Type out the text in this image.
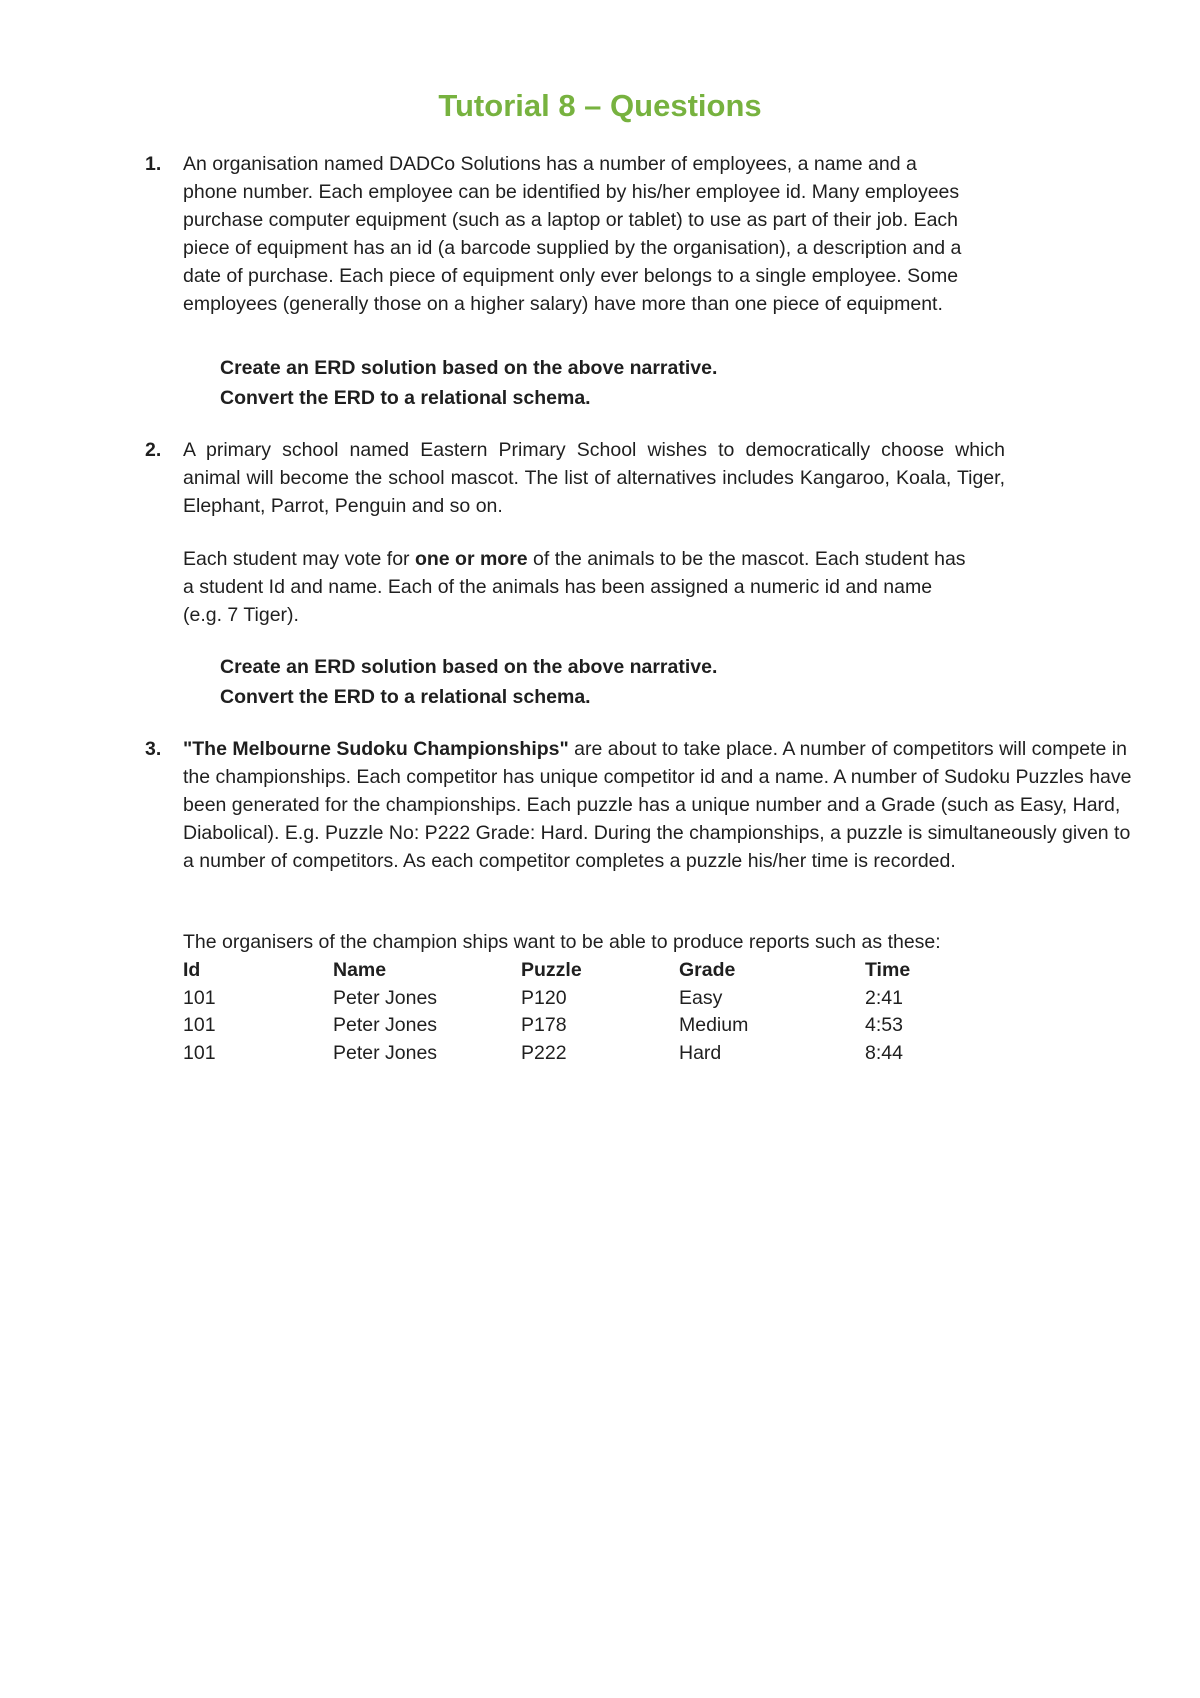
Tutorial 8 – Questions
1. An organisation named DADCo Solutions has a number of employees, a name and a phone number. Each employee can be identified by his/her employee id. Many employees purchase computer equipment (such as a laptop or tablet) to use as part of their job. Each piece of equipment has an id (a barcode supplied by the organisation), a description and a date of purchase. Each piece of equipment only ever belongs to a single employee. Some employees (generally those on a higher salary) have more than one piece of equipment.

Create an ERD solution based on the above narrative.
Convert the ERD to a relational schema.
2. A primary school named Eastern Primary School wishes to democratically choose which animal will become the school mascot. The list of alternatives includes Kangaroo, Koala, Tiger, Elephant, Parrot, Penguin and so on.

Each student may vote for one or more of the animals to be the mascot. Each student has a student Id and name. Each of the animals has been assigned a numeric id and name (e.g. 7 Tiger).

Create an ERD solution based on the above narrative.
Convert the ERD to a relational schema.
3. "The Melbourne Sudoku Championships" are about to take place. A number of competitors will compete in the championships. Each competitor has unique competitor id and a name. A number of Sudoku Puzzles have been generated for the championships. Each puzzle has a unique number and a Grade (such as Easy, Hard, Diabolical). E.g. Puzzle No: P222 Grade: Hard. During the championships, a puzzle is simultaneously given to a number of competitors. As each competitor completes a puzzle his/her time is recorded.

The organisers of the champion ships want to be able to produce reports such as these:
Id	Name	Puzzle	Grade	Time
101	Peter Jones	P120	Easy	2:41
101	Peter Jones	P178	Medium	4:53
101	Peter Jones	P222	Hard	8:44
